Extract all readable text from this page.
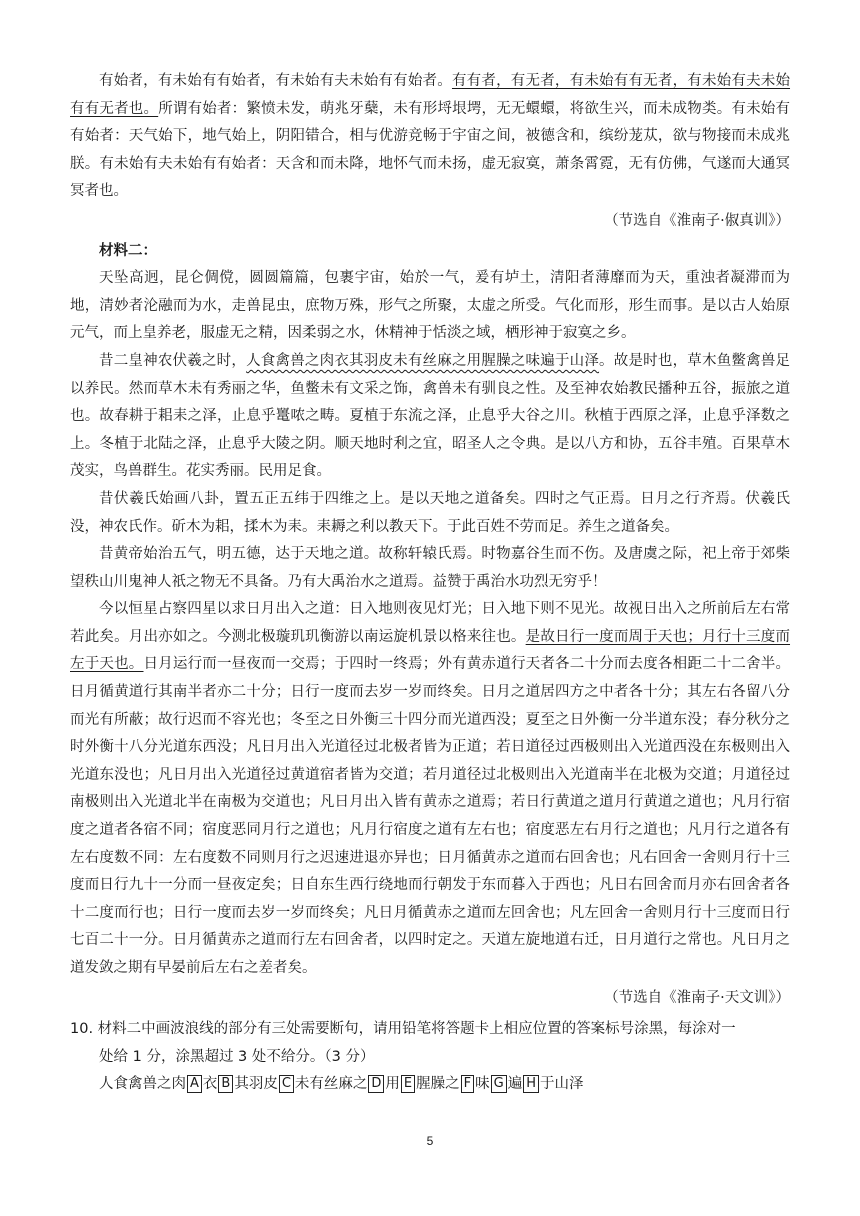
有始者，有未始有有始者，有未始有夫未始有有始者。有有者，有无者，有未始有有无者，有未始有夫未始有有无者也。所谓有始者：繁愤未发，萌兆牙蘖，未有形埒垠堮，无无蠉蠉，将欲生兴，而未成物类。有未始有有始者：天气始下，地气始上，阴阳错合，相与优游竞畅于宇宙之间，被德含和，缤纷茏苁，欲与物接而未成兆朕。有未始有夫未始有有始者：天含和而未降，地怀气而未扬，虚无寂寞，萧条霄霓，无有仿佛，气遂而大通冥冥者也。

（节选自《淮南子·俶真训》）
材料二：

天坠高迥，昆仑倜傥，圆圆篇篇，包裹宇宙，始於一气，爰有垆土，清阳者薄靡而为天，重浊者凝滞而为地，清妙者沦融而为水，走兽昆虫，庶物万殊，形气之所聚，太虚之所受。气化而形，形生而事。是以古人始原元气，而上皇养老，服虚无之精，因柔弱之水，休精神于恬淡之域，栖形神于寂寞之乡。

昔二皇神农伏羲之时，人食禽兽之肉衣其羽皮未有丝麻之用腥臊之味遍于山泽。故是时也，草木鱼鳖禽兽足以养民。然而草木未有秀丽之华，鱼鳖未有文采之饰，禽兽未有驯良之性。及至神农始教民播种五谷，振旅之道也。故春耕于耜耒之泽，止息乎鼍哝之畴。夏植于东流之泽，止息乎大谷之川。秋植于西原之泽，止息乎泽数之上。冬植于北陆之泽，止息乎大陵之阴。顺天地时利之宜，昭圣人之令典。是以八方和协，五谷丰殖。百果草木茂实，鸟兽群生。花实秀丽。民用足食。

昔伏羲氏始画八卦，置五正五纬于四维之上。是以天地之道备矣。四时之气正焉。日月之行齐焉。伏羲氏没，神农氏作。斫木为耜，揉木为耒。耒耨之利以教天下。于此百姓不劳而足。养生之道备矣。

昔黄帝始治五气，明五德，达于天地之道。故称轩辕氏焉。时物嘉谷生而不伤。及唐虞之际，祀上帝于郊柴望秩山川鬼神人祇之物无不具备。乃有大禹治水之道焉。益赞于禹治水功烈无穷乎！

今以恒星占察四星以求日月出入之道：日入地则夜见灯光；日入地下则不见光。故视日出入之所前后左右常若此矣。月出亦如之。今测北极璇玑玑衡游以南运旋机景以格来往也。是故日行一度而周于天也；月行十三度而左于天也。日月运行而一昼夜而一交焉；于四时一终焉；外有黄赤道行天者各二十分而去度各相距二十二舍半。日月循黄道行其南半者亦二十分；日行一度而去岁一岁而终矣。日月之道居四方之中者各十分；其左右各留八分而光有所蔽；故行迟而不容光也；冬至之日外衡三十四分而光道西没；夏至之日外衡一分半道东没；春分秋分之时外衡十八分光道东西没；凡日月出入光道径过北极者皆为正道；若日道径过西极则出入光道西没在东极则出入光道东没也；凡日月出入光道径过黄道宿者皆为交道；若月道径过北极则出入光道南半在北极为交道；月道径过南极则出入光道北半在南极为交道也；凡日月出入皆有黄赤之道焉；若日行黄道之道月行黄道之道也；凡月行宿度之道者各宿不同；宿度恶同月行之道也；凡月行宿度之道有左右也；宿度恶左右月行之道也；凡月行之道各有左右度数不同：左右度数不同则月行之迟速进退亦异也；日月循黄赤之道而右回舍也；凡右回舍一舍则月行十三度而日行九十一分而一昼夜定矣；日自东生西行绕地而行朝发于东而暮入于西也；凡日右回舍而月亦右回舍者各十二度而行也；日行一度而去岁一岁而终矣；凡日月循黄赤之道而左回舍也；凡左回舍一舍则月行十三度而日行七百二十一分。日月循黄赤之道而行左右回舍者，以四时定之。天道左旋地道右迁，日月道行之常也。凡日月之道发敛之期有早晏前后左右之差者矣。

（节选自《淮南子·天文训》）
10. 材料二中画波浪线的部分有三处需要断句，请用铅笔将答题卡上相应位置的答案标号涂黑，每涂对一
处给 1 分，涂黑超过 3 处不给分。（3 分）
人食禽兽之肉 A 衣 B 其羽皮 C 未有丝麻之 D 用 E 腥臊之 F 味 G 遍 H 于山泽
5
